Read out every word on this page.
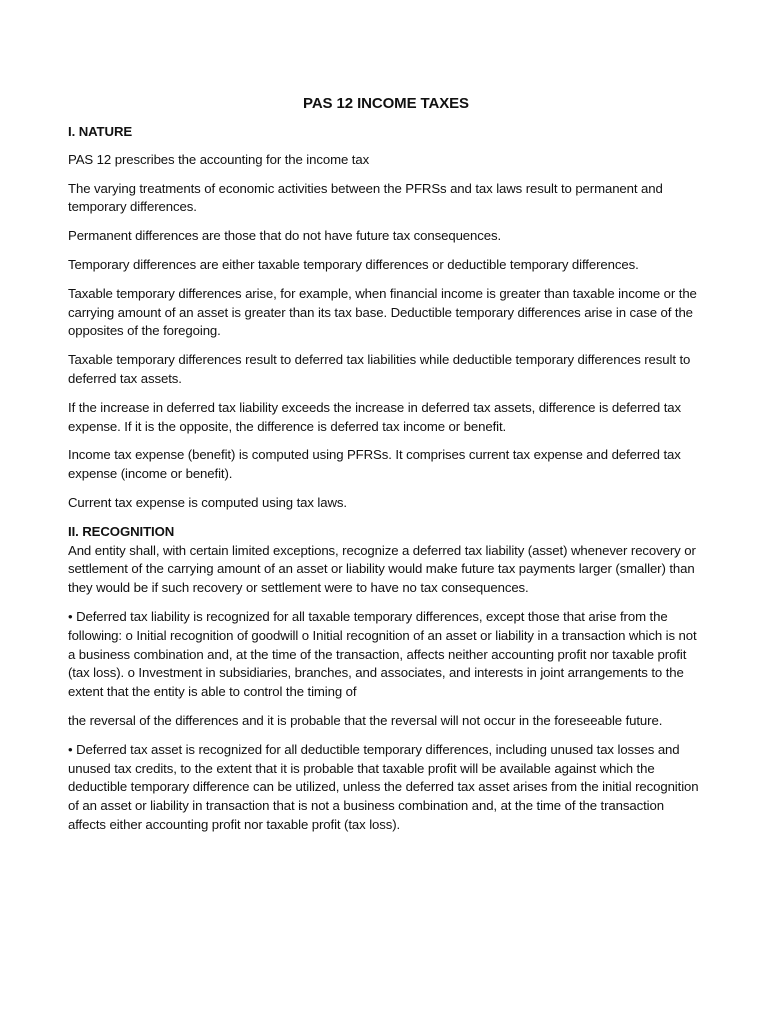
PAS 12 INCOME TAXES
I. NATURE

PAS 12 prescribes the accounting for the income tax

The varying treatments of economic activities between the PFRSs and tax laws result to permanent and temporary differences.

Permanent differences are those that do not have future tax consequences.

Temporary differences are either taxable temporary differences or deductible temporary differences.

Taxable temporary differences arise, for example, when financial income is greater than taxable income or the carrying amount of an asset is greater than its tax base. Deductible temporary differences arise in case of the opposites of the foregoing.

Taxable temporary differences result to deferred tax liabilities while deductible temporary differences result to deferred tax assets.

If the increase in deferred tax liability exceeds the increase in deferred tax assets, difference is deferred tax expense. If it is the opposite, the difference is deferred tax income or benefit.

Income tax expense (benefit) is computed using PFRSs. It comprises current tax expense and deferred tax expense (income or benefit).

Current tax expense is computed using tax laws.

II. RECOGNITION

And entity shall, with certain limited exceptions, recognize a deferred tax liability (asset) whenever recovery or settlement of the carrying amount of an asset or liability would make future tax payments larger (smaller) than they would be if such recovery or settlement were to have no tax consequences.

• Deferred tax liability is recognized for all taxable temporary differences, except those that arise from the following: o Initial recognition of goodwill o Initial recognition of an asset or liability in a transaction which is not a business combination and, at the time of the transaction, affects neither accounting profit nor taxable profit (tax loss). o Investment in subsidiaries, branches, and associates, and interests in joint arrangements to the extent that the entity is able to control the timing of

the reversal of the differences and it is probable that the reversal will not occur in the foreseeable future.

• Deferred tax asset is recognized for all deductible temporary differences, including unused tax losses and unused tax credits, to the extent that it is probable that taxable profit will be available against which the deductible temporary difference can be utilized, unless the deferred tax asset arises from the initial recognition of an asset or liability in transaction that is not a business combination and, at the time of the transaction affects either accounting profit nor taxable profit (tax loss).
